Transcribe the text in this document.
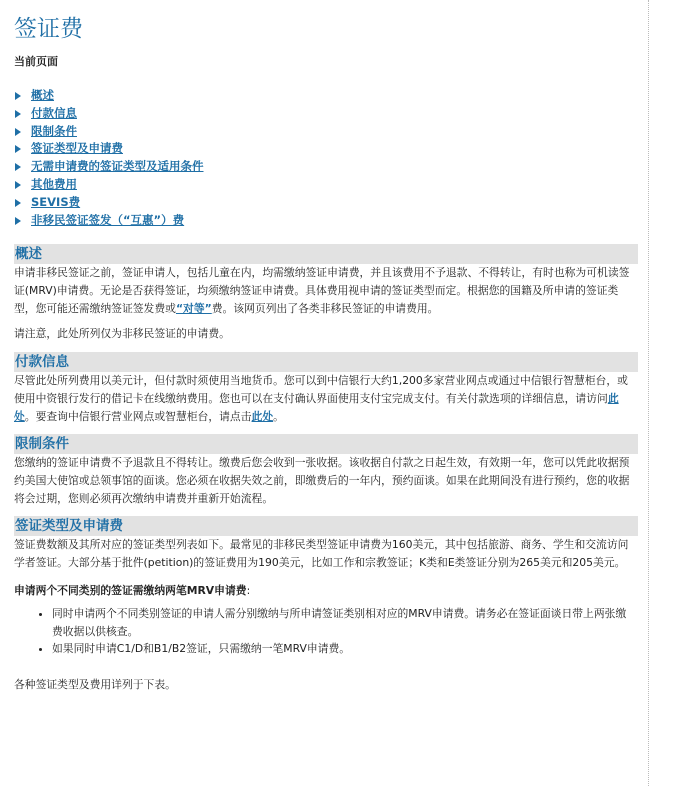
签证费
当前页面
概述
付款信息
限制条件
签证类型及申请费
无需申请费的签证类型及适用条件
其他费用
SEVIS费
非移民签证签发（“互惠”）费
概述

申请非移民签证之前，签证申请人，包括儿童在内，均需缴纳签证申请费，并且该费用不予退款、不得转让，有时也称为可机读签证(MRV)申请费。无论是否获得签证，均须缴纳签证申请费。具体费用视申请的签证类型而定。根据您的国籍及所申请的签证类型，您可能还需缴纳签证签发费或“对等”费。该网页列出了各类非移民签证的申请费用。

请注意，此处所列仅为非移民签证的申请费。

付款信息

尽管此处所列费用以美元计，但付款时须使用当地货币。您可以到中信银行大约1,200多家营业网点或通过中信银行智慧柜台，或使用中资银行发行的借记卡在线缴纳费用。您也可以在支付确认界面使用支付宝完成支付。有关付款选项的详细信息，请访问此处。要查询中信银行营业网点或智慧柜台，请点击此处。

限制条件

您缴纳的签证申请费不予退款且不得转让。缴费后您会收到一张收据。该收据自付款之日起生效，有效期一年，您可以凭此收据预约美国大使馆或总领事馆的面谈。您必须在收据失效之前，即缴费后的一年内，预约面谈。如果在此期间没有进行预约，您的收据将会过期，您则必须再次缴纳申请费并重新开始流程。

签证类型及申请费

签证费数额及其所对应的签证类型列表如下。最常见的非移民类型签证申请费为160美元，其中包括旅游、商务、学生和交流访问学者签证。大部分基于批件(petition)的签证费用为190美元，比如工作和宗教签证；K类和E类签证分别为265美元和205美元。

申请两个不同类别的签证需缴纳两笔MRV申请费:
• 同时申请两个不同类别签证的申请人需分别缴纳与所申请签证类别相对应的MRV申请费。请务必在签证面谈日带上两张缴费收据以供核查。
• 如果同时申请C1/D和B1/B2签证，只需缴纳一笔MRV申请费。

各种签证类型及费用详列于下表。
